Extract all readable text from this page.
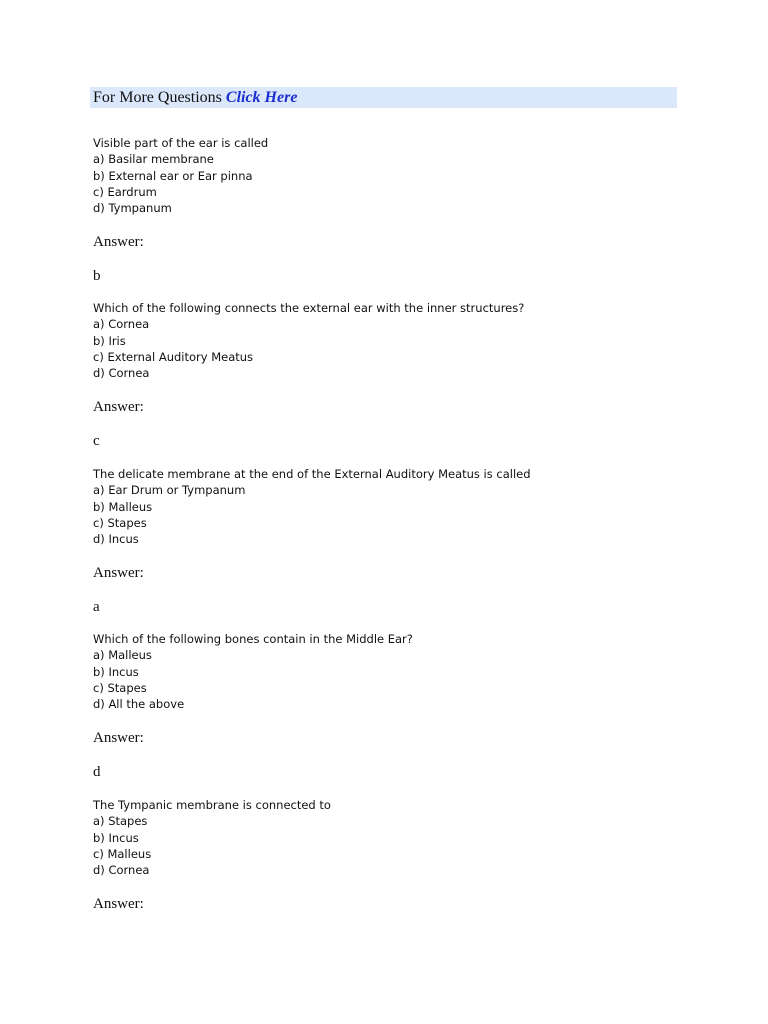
For More Questions Click Here
Visible part of the ear is called
a) Basilar membrane
b) External ear or Ear pinna
c) Eardrum
d) Tympanum
Answer:
b
Which of the following connects the external ear with the inner structures?
a) Cornea
b) Iris
c) External Auditory Meatus
d) Cornea
Answer:
c
The delicate membrane at the end of the External Auditory Meatus is called
a) Ear Drum or Tympanum
b) Malleus
c) Stapes
d) Incus
Answer:
a
Which of the following bones contain in the Middle Ear?
a) Malleus
b) Incus
c) Stapes
d) All the above
Answer:
d
The Tympanic membrane is connected to
a) Stapes
b) Incus
c) Malleus
d) Cornea
Answer:
